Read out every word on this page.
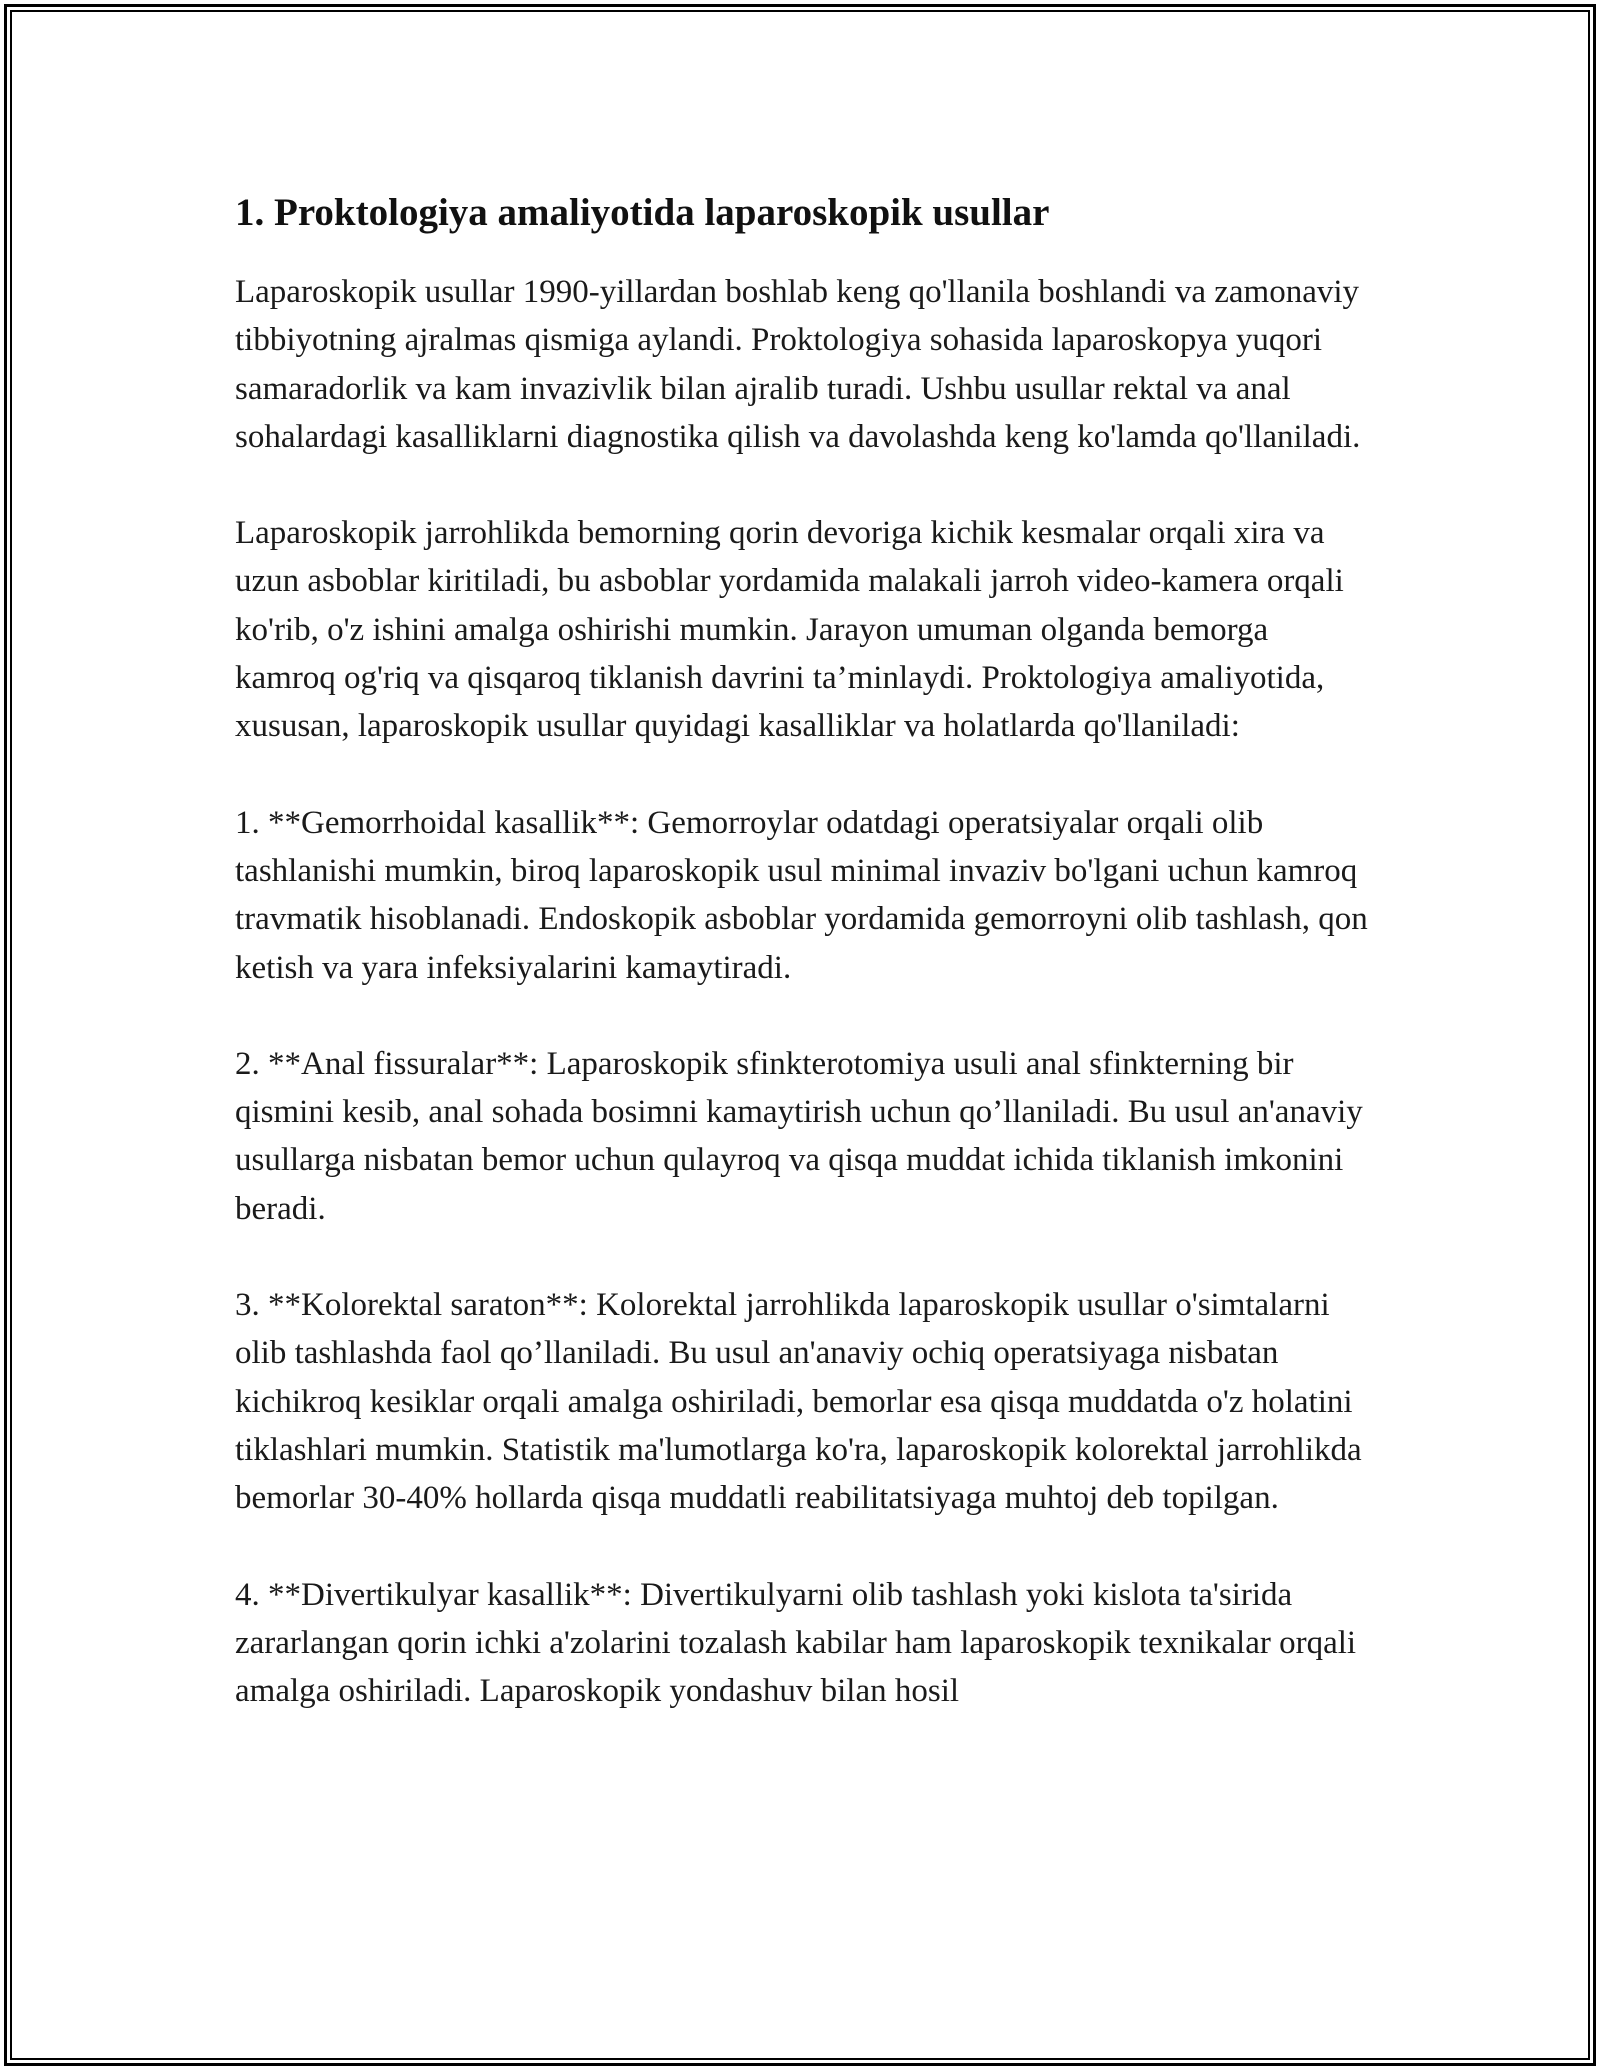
1. Proktologiya amaliyotida laparoskopik usullar

Laparoskopik usullar 1990-yillardan boshlab keng qo'llanila boshlandi va zamonaviy tibbiyotning ajralmas qismiga aylandi. Proktologiya sohasida laparoskopya yuqori samaradorlik va kam invazivlik bilan ajralib turadi. Ushbu usullar rektal va anal sohalardagi kasalliklarni diagnostika qilish va davolashda keng ko'lamda qo'llaniladi.

Laparoskopik jarrohlikda bemorning qorin devoriga kichik kesmalar orqali xira va uzun asboblar kiritiladi, bu asboblar yordamida malakali jarroh video-kamera orqali ko'rib, o'z ishini amalga oshirishi mumkin. Jarayon umuman olganda bemorga kamroq og'riq va qisqaroq tiklanish davrini ta’minlaydi. Proktologiya amaliyotida, xususan, laparoskopik usullar quyidagi kasalliklar va holatlarda qo'llaniladi:

1. **Gemorrhoidal kasallik**: Gemorroylar odatdagi operatsiyalar orqali olib tashlanishi mumkin, biroq laparoskopik usul minimal invaziv bo'lgani uchun kamroq travmatik hisoblanadi. Endoskopik asboblar yordamida gemorroyni olib tashlash, qon ketish va yara infeksiyalarini kamaytiradi.

2. **Anal fissuralar**: Laparoskopik sfinkterotomiya usuli anal sfinkterning bir qismini kesib, anal sohada bosimni kamaytirish uchun qo’llaniladi. Bu usul an'anaviy usullarga nisbatan bemor uchun qulayroq va qisqa muddat ichida tiklanish imkonini beradi.

3. **Kolorektal saraton**: Kolorektal jarrohlikda laparoskopik usullar o'simtalarni olib tashlashda faol qo’llaniladi. Bu usul an'anaviy ochiq operatsiyaga nisbatan kichikroq kesiklar orqali amalga oshiriladi, bemorlar esa qisqa muddatda o'z holatini tiklashlari mumkin. Statistik ma'lumotlarga ko'ra, laparoskopik kolorektal jarrohlikda bemorlar 30-40% hollarda qisqa muddatli reabilitatsiyaga muhtoj deb topilgan.

4. **Divertikulyar kasallik**: Divertikulyarni olib tashlash yoki kislota ta'sirida zararlangan qorin ichki a'zolarini tozalash kabilar ham laparoskopik texnikalar orqali amalga oshiriladi. Laparoskopik yondashuv bilan hosil
